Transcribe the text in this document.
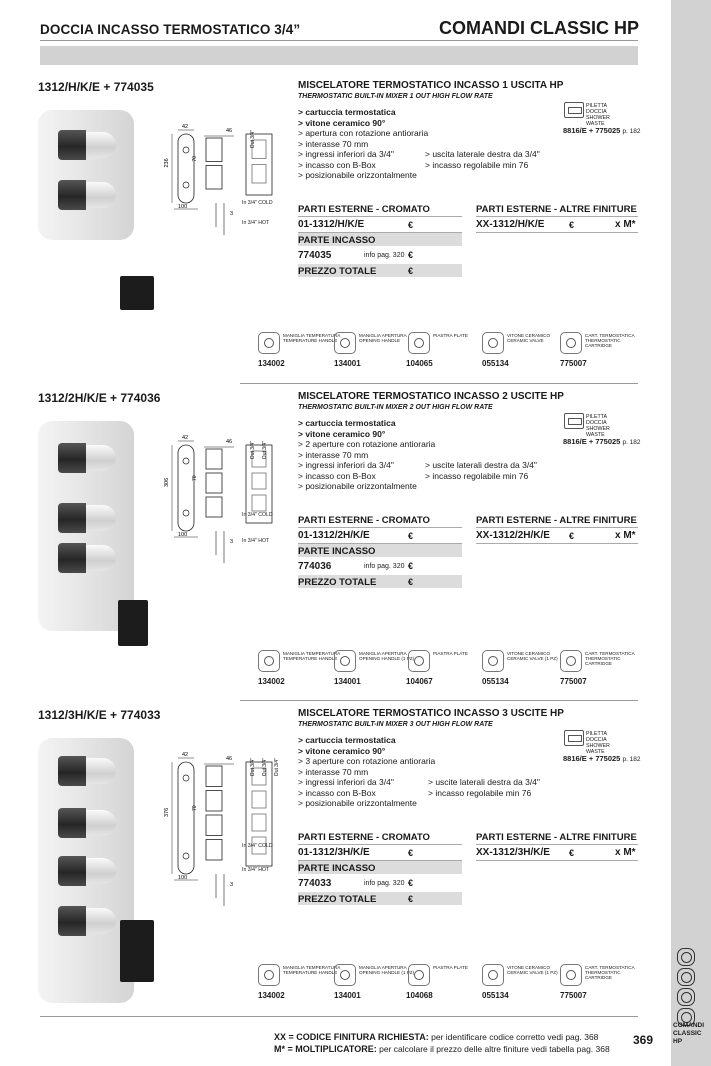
COMANDI CLASSIC HP
DOCCIA INCASSO TERMOSTATICO 3/4”	COMANDI CLASSIC HP
1312/H/K/E + 774035
42
236	70
100
46
3
Out 3/4"
In 3/4" COLD
In 3/4" HOT
MISCELATORE TERMOSTATICO INCASSO 1 USCITA HP
THERMOSTATIC BUILT-IN MIXER 1 OUT HIGH FLOW RATE
> cartuccia termostatica
> vitone ceramico 90°
> apertura con rotazione antioraria
> interasse 70 mm
> ingressi inferiori da 3/4"
> incasso con B-Box
> posizionabile orizzontalmente
> uscita laterale destra da 3/4"
> incasso regolabile min 76
PILETTA DOCCIA SHOWER WASTE
8816/E + 775025 p. 182
PARTI ESTERNE - CROMATO
01-1312/H/K/E	€
PARTE INCASSO
774035	info pag. 320 €
PREZZO TOTALE	€
PARTI ESTERNE - ALTRE FINITURE
XX-1312/H/K/E	€	x M*
MANIGLIA TEMPERATURA TEMPERATURE HANDLE
134002
MANIGLIA APERTURA OPENING HANDLE
134001
PIASTRA PLATE
104065
VITONE CERAMICO CERAMIC VALVE
055134
CART. TERMOSTATICA THERMOSTATIC CARTRIDGE
775007
1312/2H/K/E + 774036
42
306	70
100
46
3
Out 3/4" Out 3/4"
In 3/4" COLD
In 3/4" HOT
MISCELATORE TERMOSTATICO INCASSO 2 USCITE HP
THERMOSTATIC BUILT-IN MIXER 2 OUT HIGH FLOW RATE
> cartuccia termostatica
> vitone ceramico 90°
> 2 aperture con rotazione antioraria
> interasse 70 mm
> ingressi inferiori da 3/4"
> incasso con B-Box
> posizionabile orizzontalmente
> uscite laterali destra da 3/4"
> incasso regolabile min 76
PILETTA DOCCIA SHOWER WASTE
8816/E + 775025 p. 182
PARTI ESTERNE - CROMATO
01-1312/2H/K/E	€
PARTE INCASSO
774036	info pag. 320 €
PREZZO TOTALE	€
PARTI ESTERNE - ALTRE FINITURE
XX-1312/2H/K/E €	x M*
MANIGLIA TEMPERATURA TEMPERATURE HANDLE
134002
MANIGLIA APERTURA OPENING HANDLE (1 PZ)
134001
PIASTRA PLATE
104067
VITONE CERAMICO CERAMIC VALVE (1 PZ)
055134
CART. TERMOSTATICA THERMOSTATIC CARTRIDGE
775007
1312/3H/K/E + 774033
42
376	70
100
46
3
Out 3/4" Out 3/4" Out 3/4"
In 3/4" COLD
In 3/4" HOT
MISCELATORE TERMOSTATICO INCASSO 3 USCITE HP
THERMOSTATIC BUILT-IN MIXER 3 OUT HIGH FLOW RATE
> cartuccia termostatica
> vitone ceramico 90°
> 3 aperture con rotazione antioraria
> interasse 70 mm
> ingressi inferiori da 3/4"
> incasso con B-Box
> posizionabile orizzontalmente
> uscite laterali destra da 3/4"
> incasso regolabile min 76
PILETTA DOCCIA SHOWER WASTE
8816/E + 775025 p. 182
PARTI ESTERNE - CROMATO
01-1312/3H/K/E	€
PARTE INCASSO
774033	info pag. 320 €
PREZZO TOTALE	€
PARTI ESTERNE - ALTRE FINITURE
XX-1312/3H/K/E €	x M*
MANIGLIA TEMPERATURA TEMPERATURE HANDLE
134002
MANIGLIA APERTURA OPENING HANDLE (1 PZ)
134001
PIASTRA PLATE
104068
VITONE CERAMICO CERAMIC VALVE (1 PZ)
055134
CART. TERMOSTATICA THERMOSTATIC CARTRIDGE
775007
XX = CODICE FINITURA RICHIESTA: per identificare codice corretto vedi pag. 368
M* = MOLTIPLICATORE: per calcolare il prezzo delle altre finiture vedi tabella pag. 368
369
